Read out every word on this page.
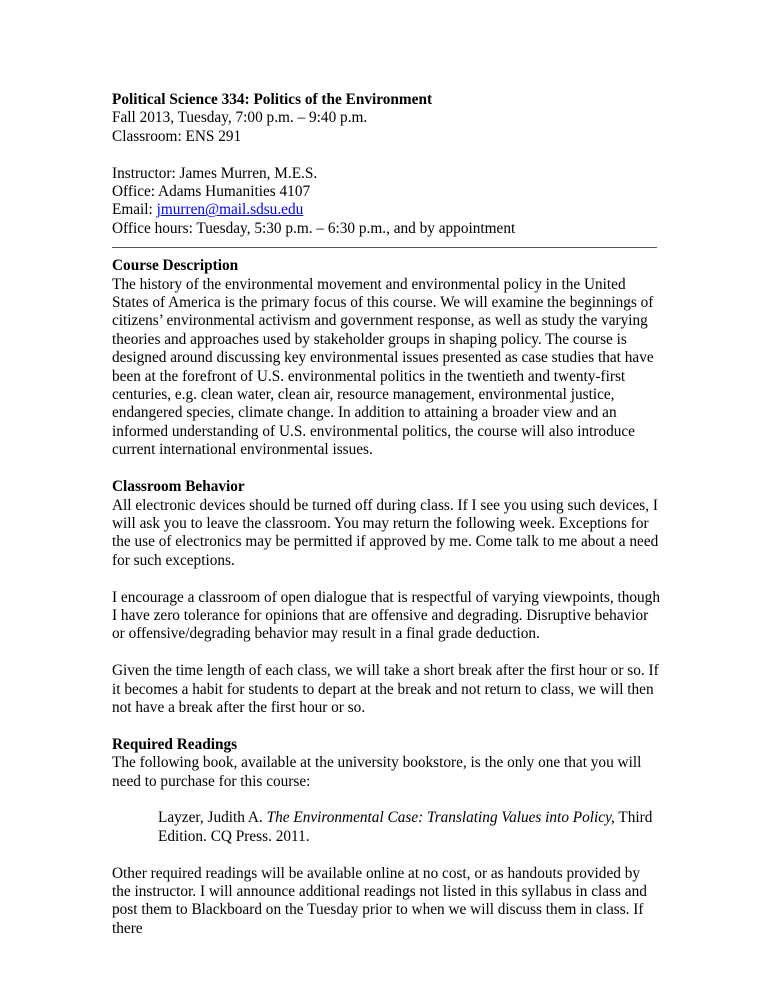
Political Science 334: Politics of the Environment

Fall 2013, Tuesday, 7:00 p.m. – 9:40 p.m.

Classroom: ENS 291

Instructor: James Murren, M.E.S.

Office: Adams Humanities 4107

Email: jmurren@mail.sdsu.edu

Office hours: Tuesday, 5:30 p.m. – 6:30 p.m., and by appointment

Course Description

The history of the environmental movement and environmental policy in the United States of America is the primary focus of this course. We will examine the beginnings of citizens’ environmental activism and government response, as well as study the varying theories and approaches used by stakeholder groups in shaping policy. The course is designed around discussing key environmental issues presented as case studies that have been at the forefront of U.S. environmental politics in the twentieth and twenty-first centuries, e.g. clean water, clean air, resource management, environmental justice, endangered species, climate change. In addition to attaining a broader view and an informed understanding of U.S. environmental politics, the course will also introduce current international environmental issues.

Classroom Behavior

All electronic devices should be turned off during class. If I see you using such devices, I will ask you to leave the classroom. You may return the following week. Exceptions for the use of electronics may be permitted if approved by me. Come talk to me about a need for such exceptions.

I encourage a classroom of open dialogue that is respectful of varying viewpoints, though I have zero tolerance for opinions that are offensive and degrading. Disruptive behavior or offensive/degrading behavior may result in a final grade deduction.

Given the time length of each class, we will take a short break after the first hour or so. If it becomes a habit for students to depart at the break and not return to class, we will then not have a break after the first hour or so.

Required Readings

The following book, available at the university bookstore, is the only one that you will need to purchase for this course:

Layzer, Judith A. The Environmental Case: Translating Values into Policy, Third Edition. CQ Press. 2011.

Other required readings will be available online at no cost, or as handouts provided by the instructor. I will announce additional readings not listed in this syllabus in class and post them to Blackboard on the Tuesday prior to when we will discuss them in class. If there
